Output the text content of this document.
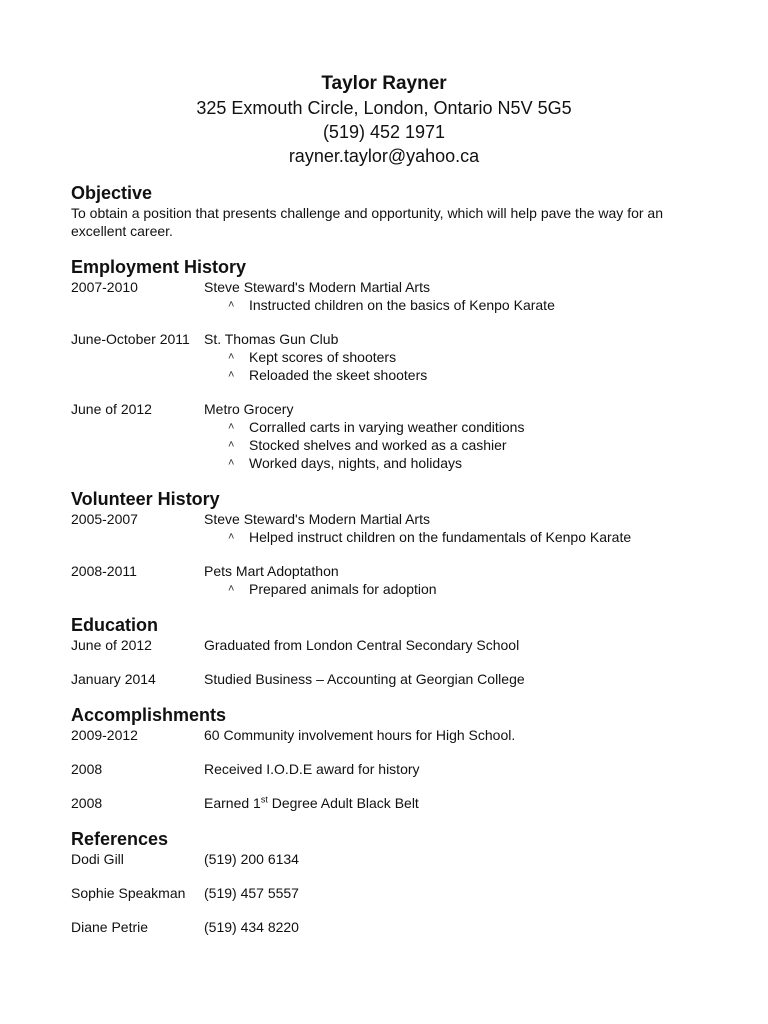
Taylor Rayner
325 Exmouth Circle, London, Ontario N5V 5G5
(519) 452 1971
rayner.taylor@yahoo.ca
Objective
To obtain a position that presents challenge and opportunity, which will help pave the way for an excellent career.
Employment History
2007-2010	Steve Steward's Modern Martial Arts
˄	Instructed children on the basics of Kenpo Karate
June-October 2011	St. Thomas Gun Club
˄	Kept scores of shooters
˄	Reloaded the skeet shooters
June of 2012	Metro Grocery
˄	Corralled carts in varying weather conditions
˄	Stocked shelves and worked as a cashier
˄	Worked days, nights, and holidays
Volunteer History
2005-2007	Steve Steward's Modern Martial Arts
˄	Helped instruct children on the fundamentals of Kenpo Karate
2008-2011	Pets Mart Adoptathon
˄	Prepared animals for adoption
Education
June of 2012	Graduated from London Central Secondary School
January 2014	Studied Business – Accounting at Georgian College
Accomplishments
2009-2012	60 Community involvement hours for High School.
2008	Received I.O.D.E award for history
2008	Earned 1st Degree Adult Black Belt
References
Dodi Gill	(519) 200 6134
Sophie Speakman	(519) 457 5557
Diane Petrie	(519) 434 8220
